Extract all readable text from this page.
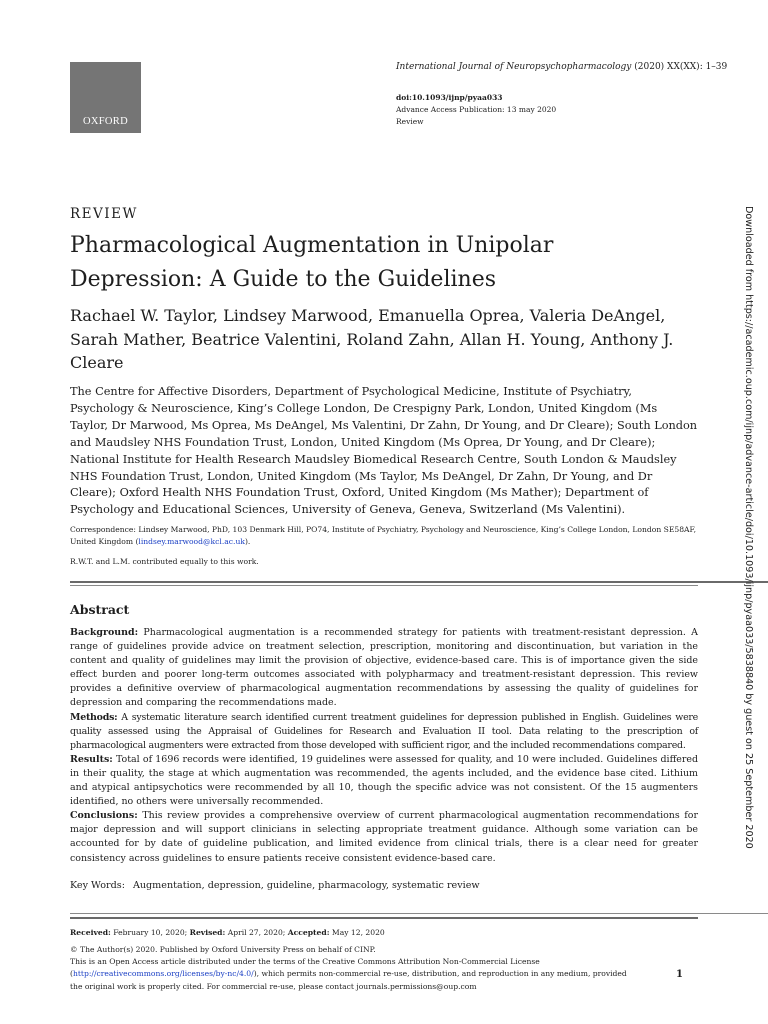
OXFORD
International Journal of Neuropsychopharmacology (2020) XX(XX): 1–39
doi:10.1093/ijnp/pyaa033
Advance Access Publication: 13 may 2020
Review
REVIEW
Pharmacological Augmentation in Unipolar Depression: A Guide to the Guidelines
Rachael W. Taylor, Lindsey Marwood, Emanuella Oprea, Valeria DeAngel, Sarah Mather, Beatrice Valentini, Roland Zahn, Allan H. Young, Anthony J. Cleare
The Centre for Affective Disorders, Department of Psychological Medicine, Institute of Psychiatry, Psychology & Neuroscience, King’s College London, De Crespigny Park, London, United Kingdom (Ms Taylor, Dr Marwood, Ms Oprea, Ms DeAngel, Ms Valentini, Dr Zahn, Dr Young, and Dr Cleare); South London and Maudsley NHS Foundation Trust, London, United Kingdom (Ms Oprea, Dr Young, and Dr Cleare); National Institute for Health Research Maudsley Biomedical Research Centre, South London & Maudsley NHS Foundation Trust, London, United Kingdom (Ms Taylor, Ms DeAngel, Dr Zahn, Dr Young, and Dr Cleare); Oxford Health NHS Foundation Trust, Oxford, United Kingdom (Ms Mather); Department of Psychology and Educational Sciences, University of Geneva, Geneva, Switzerland (Ms Valentini).
Correspondence: Lindsey Marwood, PhD, 103 Denmark Hill, PO74, Institute of Psychiatry, Psychology and Neuroscience, King’s College London, London SE58AF, United Kingdom (lindsey.marwood@kcl.ac.uk).
R.W.T. and L.M. contributed equally to this work.
Abstract

Background: Pharmacological augmentation is a recommended strategy for patients with treatment-resistant depression. A range of guidelines provide advice on treatment selection, prescription, monitoring and discontinuation, but variation in the content and quality of guidelines may limit the provision of objective, evidence-based care. This is of importance given the side effect burden and poorer long-term outcomes associated with polypharmacy and treatment-resistant depression. This review provides a definitive overview of pharmacological augmentation recommendations by assessing the quality of guidelines for depression and comparing the recommendations made.

Methods: A systematic literature search identified current treatment guidelines for depression published in English. Guidelines were quality assessed using the Appraisal of Guidelines for Research and Evaluation II tool. Data relating to the prescription of pharmacological augmenters were extracted from those developed with sufficient rigor, and the included recommendations compared.

Results: Total of 1696 records were identified, 19 guidelines were assessed for quality, and 10 were included. Guidelines differed in their quality, the stage at which augmentation was recommended, the agents included, and the evidence base cited. Lithium and atypical antipsychotics were recommended by all 10, though the specific advice was not consistent. Of the 15 augmenters identified, no others were universally recommended.

Conclusions: This review provides a comprehensive overview of current pharmacological augmentation recommendations for major depression and will support clinicians in selecting appropriate treatment guidance. Although some variation can be accounted for by date of guideline publication, and limited evidence from clinical trials, there is a clear need for greater consistency across guidelines to ensure patients receive consistent evidence-based care.

Key Words: Augmentation, depression, guideline, pharmacology, systematic review
Received: February 10, 2020; Revised: April 27, 2020; Accepted: May 12, 2020
© The Author(s) 2020. Published by Oxford University Press on behalf of CINP.
This is an Open Access article distributed under the terms of the Creative Commons Attribution Non-Commercial License (http://creativecommons.org/licenses/by-nc/4.0/), which permits non-commercial re-use, distribution, and reproduction in any medium, provided the original work is properly cited. For commercial re-use, please contact journals.permissions@oup.com
1
Downloaded from https://academic.oup.com/ijnp/advance-article/doi/10.1093/ijnp/pyaa033/5838840 by guest on 25 September 2020
